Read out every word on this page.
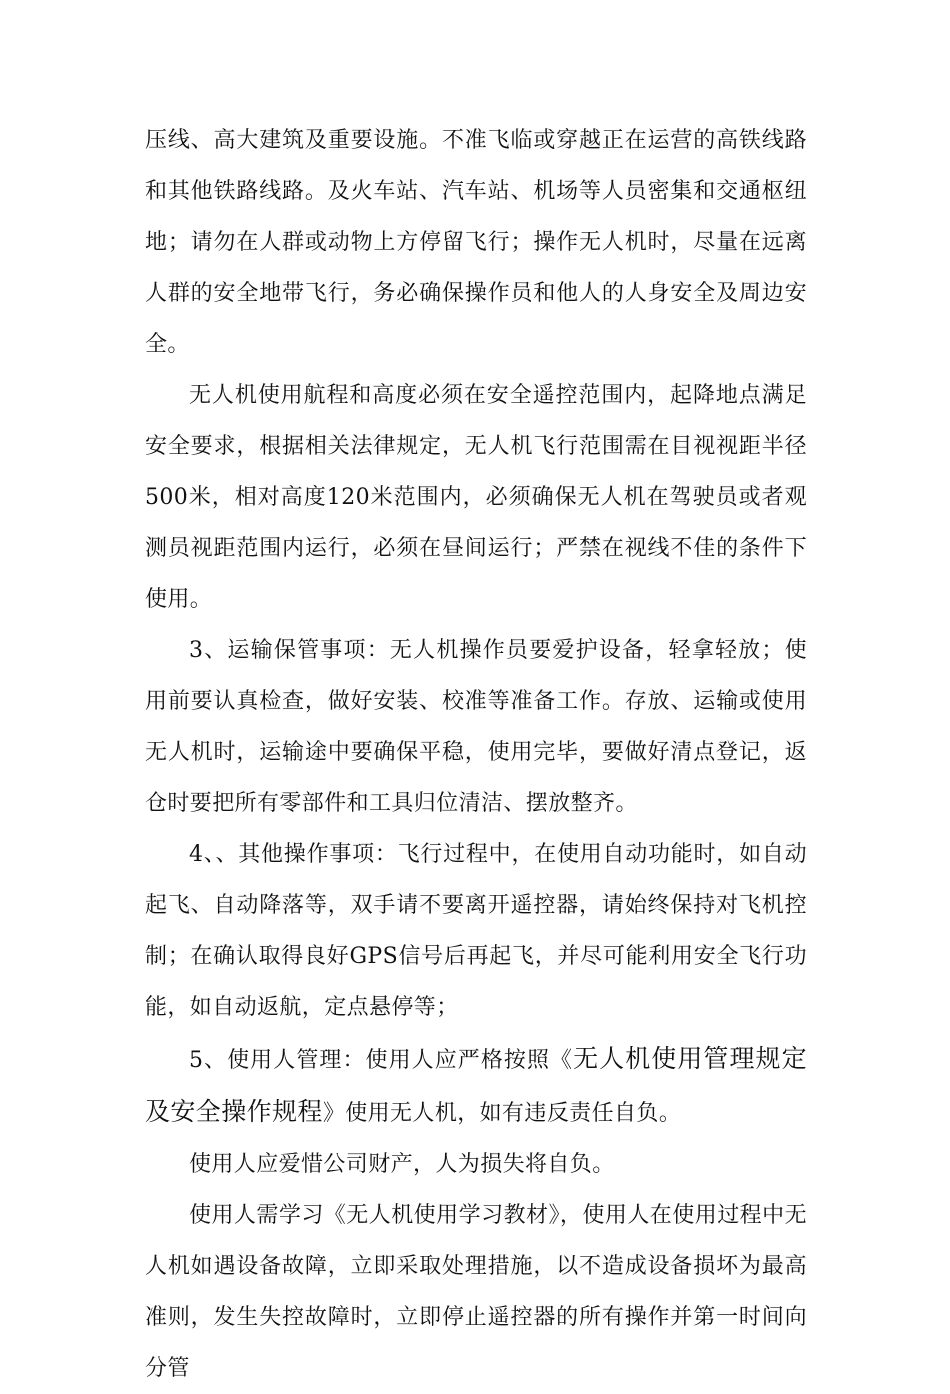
压线、高大建筑及重要设施。不准飞临或穿越正在运营的高铁线路和其他铁路线路。及火车站、汽车站、机场等人员密集和交通枢纽地；请勿在人群或动物上方停留飞行；操作无人机时，尽量在远离人群的安全地带飞行，务必确保操作员和他人的人身安全及周边安全。

无人机使用航程和高度必须在安全遥控范围内，起降地点满足安全要求，根据相关法律规定，无人机飞行范围需在目视视距半径500米，相对高度120米范围内，必须确保无人机在驾驶员或者观测员视距范围内运行，必须在昼间运行；严禁在视线不佳的条件下使用。

3、运输保管事项：无人机操作员要爱护设备，轻拿轻放；使用前要认真检查，做好安装、校准等准备工作。存放、运输或使用无人机时，运输途中要确保平稳，使用完毕，要做好清点登记，返仓时要把所有零部件和工具归位清洁、摆放整齐。

4、、其他操作事项：飞行过程中，在使用自动功能时，如自动起飞、自动降落等，双手请不要离开遥控器，请始终保持对飞机控制；在确认取得良好GPS信号后再起飞，并尽可能利用安全飞行功能，如自动返航，定点悬停等；

5、使用人管理：使用人应严格按照《无人机使用管理规定及安全操作规程》使用无人机，如有违反责任自负。

使用人应爱惜公司财产，人为损失将自负。

使用人需学习《无人机使用学习教材》，使用人在使用过程中无人机如遇设备故障，立即采取处理措施，以不造成设备损坏为最高准则，发生失控故障时，立即停止遥控器的所有操作并第一时间向分管
